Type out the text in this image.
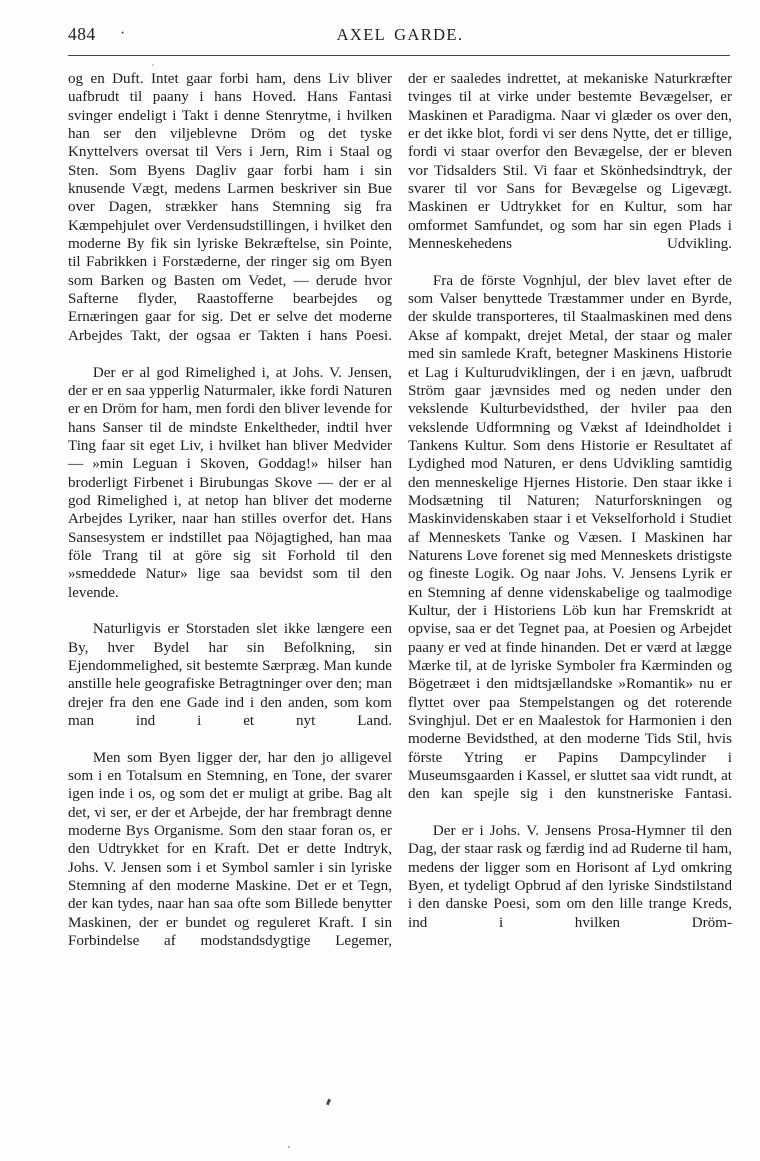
484 ·	AXEL GARDE.

og en Duft. Intet gaar forbi ham, dens Liv bliver uafbrudt til paany i hans Hoved. Hans Fantasi svinger endeligt i Takt i denne Stenrytme, i hvilken han ser den viljeblevne Dröm og det tyske Knyttelvers oversat til Vers i Jern, Rim i Staal og Sten. Som Byens Dagliv gaar forbi ham i sin knusende Vægt, medens Larmen beskriver sin Bue over Dagen, strækker hans Stemning sig fra Kæmpehjulet over Verdensudstillingen, i hvilket den moderne By fik sin lyriske Bekræftelse, sin Pointe, til Fabrikken i Forstæderne, der ringer sig om Byen som Barken og Basten om Vedet, — derude hvor Safterne flyder, Raastofferne bearbejdes og Ernæringen gaar for sig. Det er selve det moderne Arbejdes Takt, der ogsaa er Takten i hans Poesi.

Der er al god Rimelighed i, at Johs. V. Jensen, der er en saa ypperlig Naturmaler, ikke fordi Naturen er en Dröm for ham, men fordi den bliver levende for hans Sanser til de mindste Enkeltheder, indtil hver Ting faar sit eget Liv, i hvilket han bliver Medvider — »min Leguan i Skoven, Goddag!» hilser han broderligt Firbenet i Birubungas Skove — der er al god Rimelighed i, at netop han bliver det moderne Arbejdes Lyriker, naar han stilles overfor det. Hans Sansesystem er indstillet paa Nöjagtighed, han maa föle Trang til at göre sig sit Forhold til den »smeddede Natur» lige saa bevidst som til den levende.

Naturligvis er Storstaden slet ikke længere een By, hver Bydel har sin Befolkning, sin Ejendommelighed, sit bestemte Særpræg. Man kunde anstille hele geografiske Betragtninger over den; man drejer fra den ene Gade ind i den anden, som kom man ind i et nyt Land.

Men som Byen ligger der, har den jo alligevel som i en Totalsum en Stemning, en Tone, der svarer igen inde i os, og som det er muligt at gribe. Bag alt det, vi ser, er der et Arbejde, der har frembragt denne moderne Bys Organisme. Som den staar foran os, er den Udtrykket for en Kraft. Det er dette Indtryk, Johs. V. Jensen som i et Symbol samler i sin lyriske Stemning af den moderne Maskine. Det er et Tegn, der kan tydes, naar han saa ofte som Billede benytter Maskinen, der er bundet og reguleret Kraft. I sin Forbindelse af modstandsdygtige Legemer,

der er saaledes indrettet, at mekaniske Naturkræfter tvinges til at virke under bestemte Bevægelser, er Maskinen et Paradigma. Naar vi glæder os over den, er det ikke blot, fordi vi ser dens Nytte, det er tillige, fordi vi staar overfor den Bevægelse, der er bleven vor Tidsalders Stil. Vi faar et Skönhedsindtryk, der svarer til vor Sans for Bevægelse og Ligevægt. Maskinen er Udtrykket for en Kultur, som har omformet Samfundet, og som har sin egen Plads i Menneskehedens Udvikling.

Fra de förste Vognhjul, der blev lavet efter de som Valser benyttede Træstammer under en Byrde, der skulde transporteres, til Staalmaskinen med dens Akse af kompakt, drejet Metal, der staar og maler med sin samlede Kraft, betegner Maskinens Historie et Lag i Kulturudviklingen, der i en jævn, uafbrudt Ström gaar jævnsides med og neden under den vekslende Kulturbevidsthed, der hviler paa den vekslende Udformning og Vækst af Ideindholdet i Tankens Kultur. Som dens Historie er Resultatet af Lydighed mod Naturen, er dens Udvikling samtidig den menneskelige Hjernes Historie. Den staar ikke i Modsætning til Naturen; Naturforskningen og Maskinvidenskaben staar i et Vekselforhold i Studiet af Menneskets Tanke og Væsen. I Maskinen har Naturens Love forenet sig med Menneskets dristigste og fineste Logik. Og naar Johs. V. Jensens Lyrik er en Stemning af denne videnskabelige og taalmodige Kultur, der i Historiens Löb kun har Fremskridt at opvise, saa er det Tegnet paa, at Poesien og Arbejdet paany er ved at finde hinanden. Det er værd at lægge Mærke til, at de lyriske Symboler fra Kærminden og Bögetræet i den midtsjællandske »Romantik» nu er flyttet over paa Stempelstangen og det roterende Svinghjul. Det er en Maalestok for Harmonien i den moderne Bevidsthed, at den moderne Tids Stil, hvis förste Ytring er Papins Dampcylinder i Museumsgaarden i Kassel, er sluttet saa vidt rundt, at den kan spejle sig i den kunstneriske Fantasi.

Der er i Johs. V. Jensens Prosa-Hymner til den Dag, der staar rask og færdig ind ad Ruderne til ham, medens der ligger som en Horisont af Lyd omkring Byen, et tydeligt Opbrud af den lyriske Sindstilstand i den danske Poesi, som om den lille trange Kreds, ind i hvilken Dröm-
